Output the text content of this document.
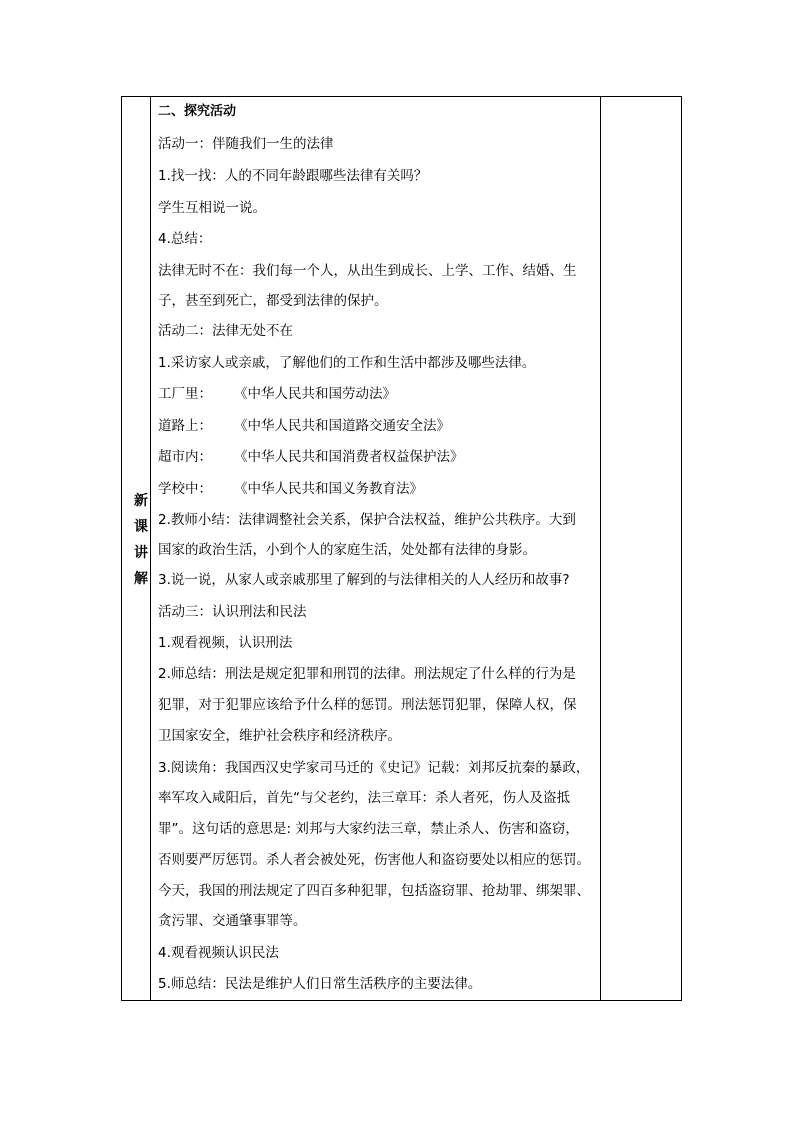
新
课
讲
解
二、探究活动
活动一：伴随我们一生的法律
1.找一找：人的不同年龄跟哪些法律有关吗？
学生互相说一说。
4.总结：
法律无时不在：我们每一个人，从出生到成长、上学、工作、结婚、生
子，甚至到死亡，都受到法律的保护。
活动二：法律无处不在
1.采访家人或亲戚，了解他们的工作和生活中都涉及哪些法律。
工厂里： 《中华人民共和国劳动法》
道路上： 《中华人民共和国道路交通安全法》
超市内： 《中华人民共和国消费者权益保护法》
学校中： 《中华人民共和国义务教育法》
2.教师小结：法律调整社会关系，保护合法权益，维护公共秩序。大到
国家的政治生活，小到个人的家庭生活，处处都有法律的身影。
3.说一说，从家人或亲戚那里了解到的与法律相关的人人经历和故事?
活动三：认识刑法和民法
1.观看视频，认识刑法
2.师总结：刑法是规定犯罪和刑罚的法律。刑法规定了什么样的行为是
犯罪，对于犯罪应该给予什么样的惩罚。刑法惩罚犯罪，保障人权，保
卫国家安全，维护社会秩序和经济秩序。
3.阅读角：我国西汉史学家司马迁的《史记》记载：刘邦反抗秦的暴政，
率军攻入咸阳后，首先“与父老约，法三章耳：杀人者死，伤人及盗抵
罪”。这句话的意思是: 刘邦与大家约法三章，禁止杀人、伤害和盗窃，
否则要严厉惩罚。杀人者会被处死，伤害他人和盗窃要处以相应的惩罚。
今天，我国的刑法规定了四百多种犯罪，包括盗窃罪、抢劫罪、绑架罪、
贪污罪、交通肇事罪等。
4.观看视频认识民法
5.师总结：民法是维护人们日常生活秩序的主要法律。
